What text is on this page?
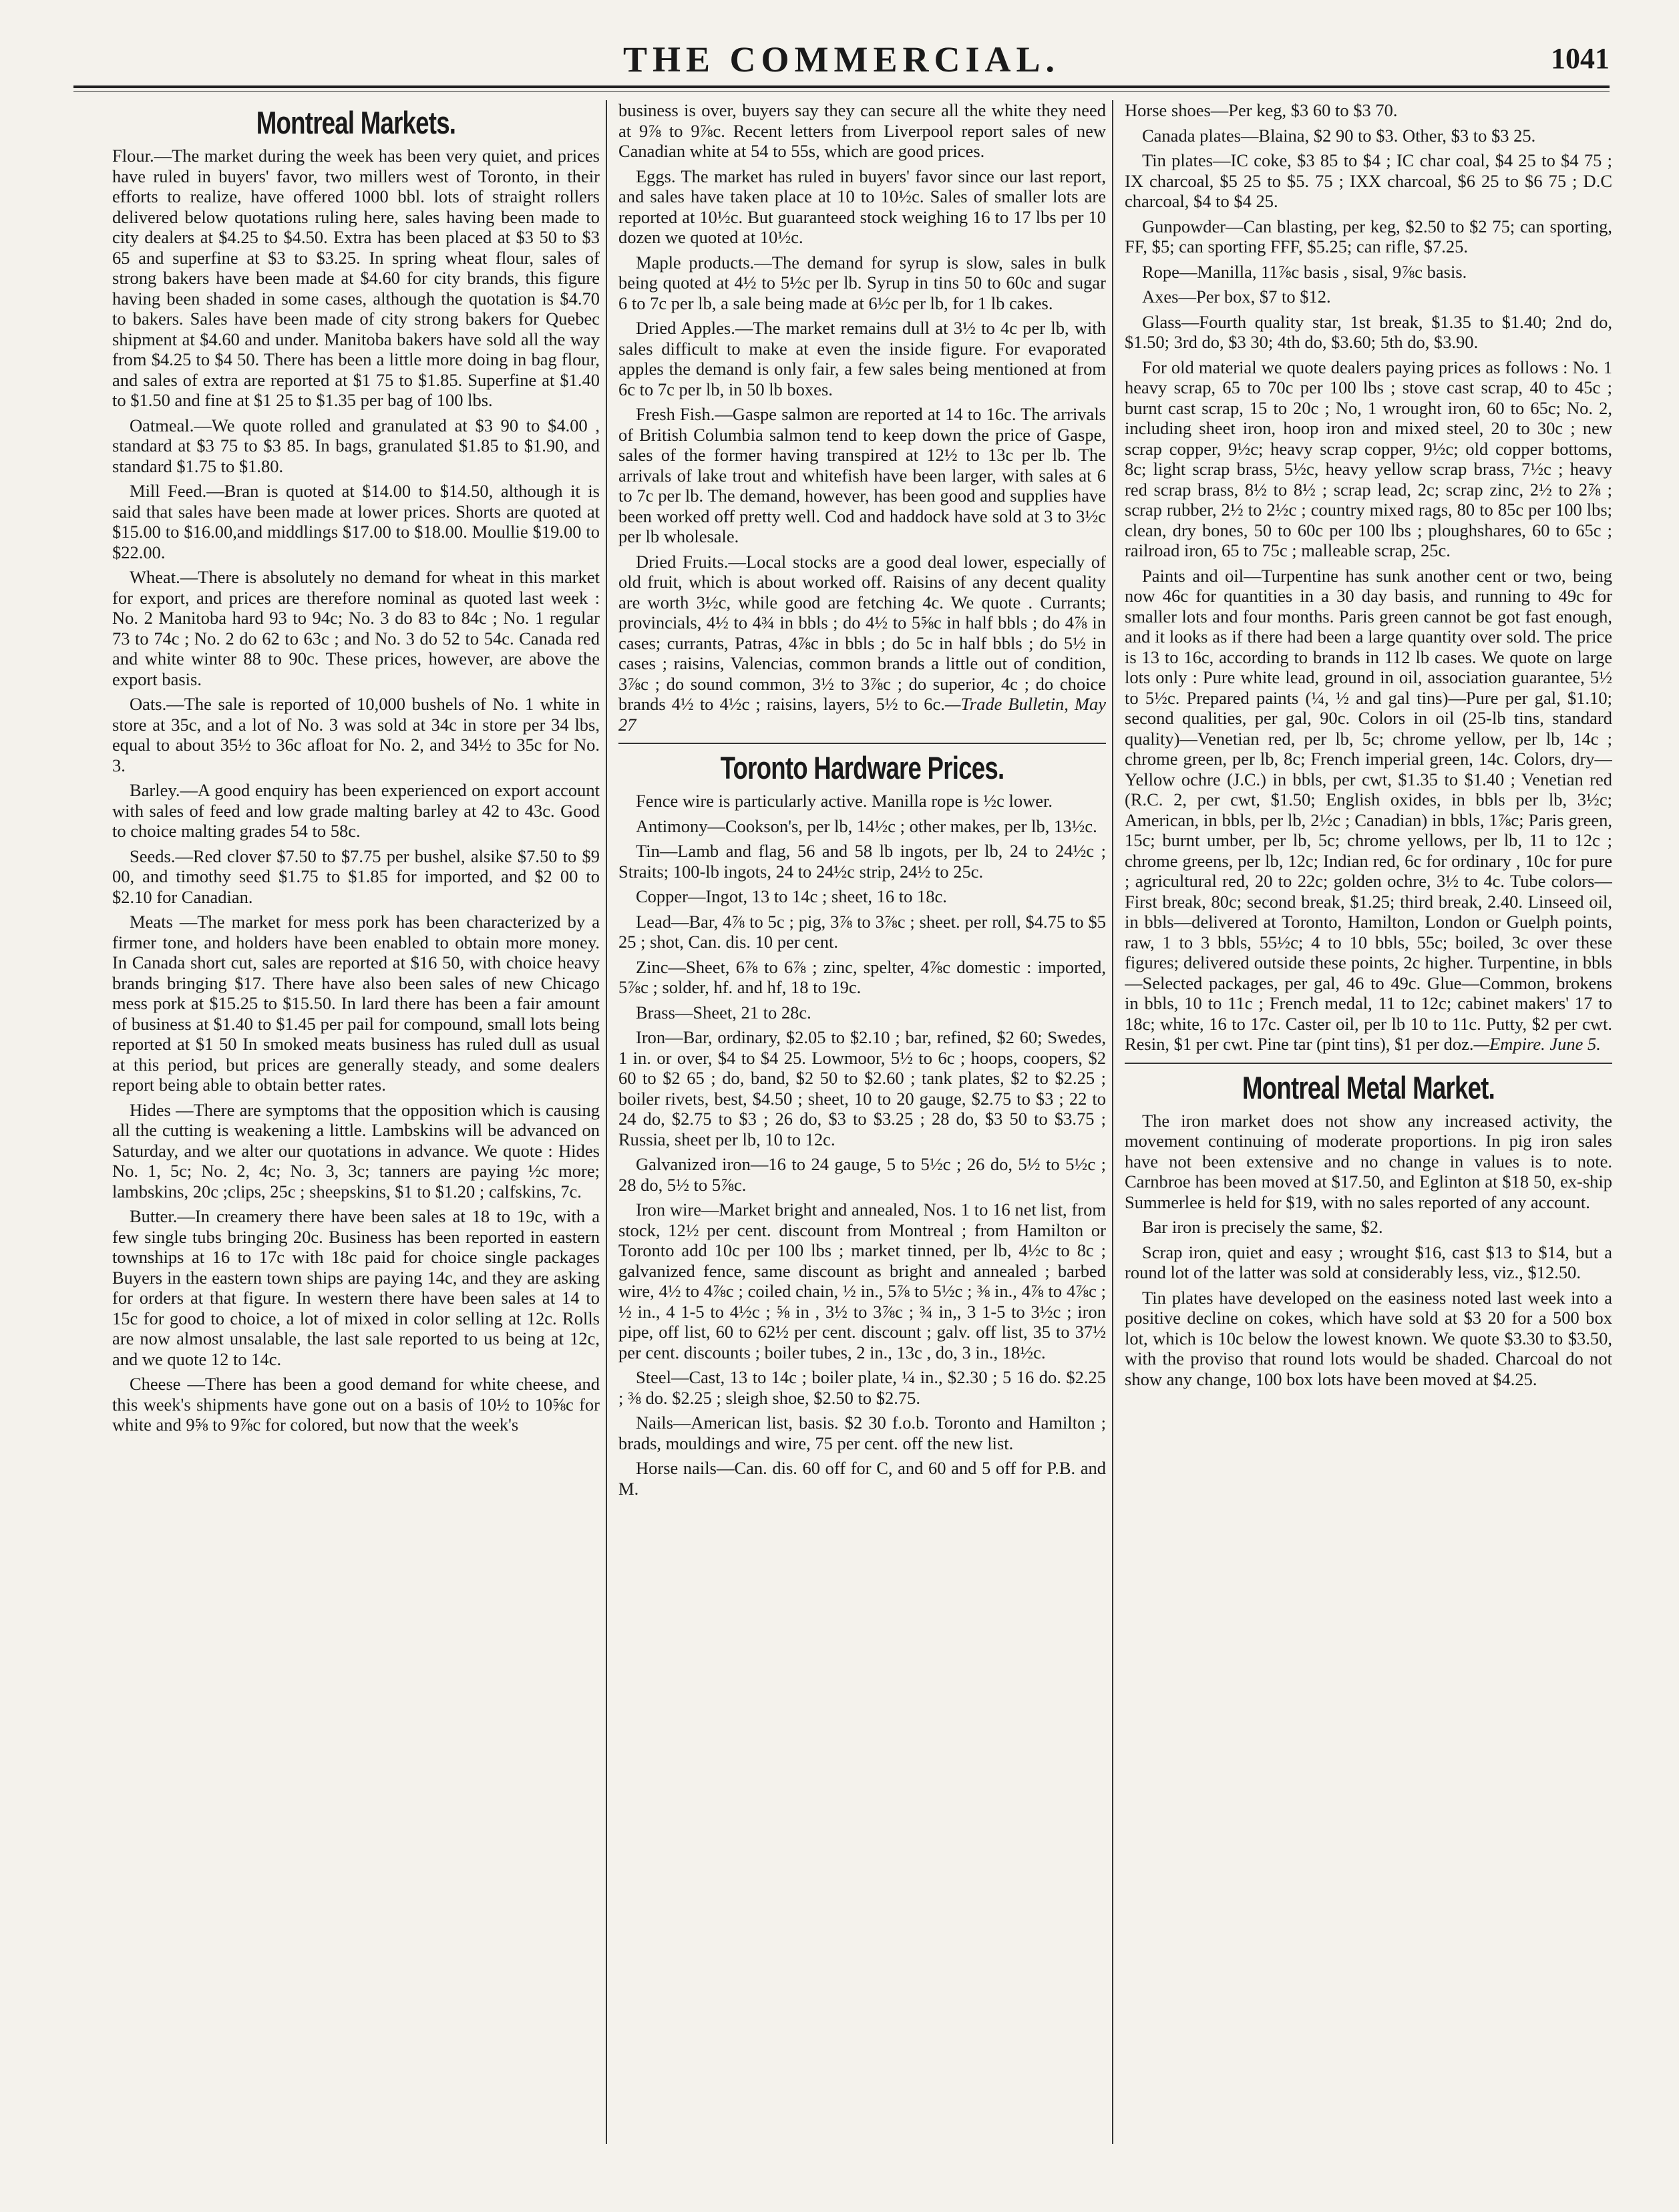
THE COMMERCIAL.	1041
Montreal Markets.

Flour.—The market during the week has been very quiet, and prices have ruled in buyers' favor, two millers west of Toronto, in their efforts to realize, have offered 1000 bbl. lots of straight rollers delivered below quotations ruling here, sales having been made to city dealers at $4.25 to $4.50. Extra has been placed at $3 50 to $3 65 and superfine at $3 to $3.25. In spring wheat flour, sales of strong bakers have been made at $4.60 for city brands, this figure having been shaded in some cases, although the quotation is $4.70 to bakers. Sales have been made of city strong bakers for Quebec shipment at $4.60 and under. Manitoba bakers have sold all the way from $4.25 to $4 50. There has been a little more doing in bag flour, and sales of extra are reported at $1 75 to $1.85. Superfine at $1.40 to $1.50 and fine at $1 25 to $1.35 per bag of 100 lbs.

Oatmeal.—We quote rolled and granulated at $3 90 to $4.00 , standard at $3 75 to $3 85. In bags, granulated $1.85 to $1.90, and standard $1.75 to $1.80.

Mill Feed.—Bran is quoted at $14.00 to $14.50, although it is said that sales have been made at lower prices. Shorts are quoted at $15.00 to $16.00,and middlings $17.00 to $18.00. Moullie $19.00 to $22.00.

Wheat.—There is absolutely no demand for wheat in this market for export, and prices are therefore nominal as quoted last week : No. 2 Manitoba hard 93 to 94c; No. 3 do 83 to 84c ; No. 1 regular 73 to 74c ; No. 2 do 62 to 63c ; and No. 3 do 52 to 54c. Canada red and white winter 88 to 90c. These prices, however, are above the export basis.

Oats.—The sale is reported of 10,000 bushels of No. 1 white in store at 35c, and a lot of No. 3 was sold at 34c in store per 34 lbs, equal to about 35½ to 36c afloat for No. 2, and 34½ to 35c for No. 3.

Barley.—A good enquiry has been experienced on export account with sales of feed and low grade malting barley at 42 to 43c. Good to choice malting grades 54 to 58c.

Seeds.—Red clover $7.50 to $7.75 per bushel, alsike $7.50 to $9 00, and timothy seed $1.75 to $1.85 for imported, and $2 00 to $2.10 for Canadian.

Meats —The market for mess pork has been characterized by a firmer tone, and holders have been enabled to obtain more money. In Canada short cut, sales are reported at $16 50, with choice heavy brands bringing $17. There have also been sales of new Chicago mess pork at $15.25 to $15.50. In lard there has been a fair amount of business at $1.40 to $1.45 per pail for compound, small lots being reported at $1 50 In smoked meats business has ruled dull as usual at this period, but prices are generally steady, and some dealers report being able to obtain better rates.

Hides —There are symptoms that the opposition which is causing all the cutting is weakening a little. Lambskins will be advanced on Saturday, and we alter our quotations in advance. We quote : Hides No. 1, 5c; No. 2, 4c; No. 3, 3c; tanners are paying ½c more; lambskins, 20c ;clips, 25c ; sheepskins, $1 to $1.20 ; calfskins, 7c.

Butter.—In creamery there have been sales at 18 to 19c, with a few single tubs bringing 20c. Business has been reported in eastern townships at 16 to 17c with 18c paid for choice single packages Buyers in the eastern town ships are paying 14c, and they are asking for orders at that figure. In western there have been sales at 14 to 15c for good to choice, a lot of mixed in color selling at 12c. Rolls are now almost unsalable, the last sale reported to us being at 12c, and we quote 12 to 14c.

Cheese —There has been a good demand for white cheese, and this week's shipments have gone out on a basis of 10½ to 10⅝c for white and 9⅝ to 9⅞c for colored, but now that the week's

business is over, buyers say they can secure all the white they need at 9⅞ to 9⅞c. Recent letters from Liverpool report sales of new Canadian white at 54 to 55s, which are good prices.

Eggs. The market has ruled in buyers' favor since our last report, and sales have taken place at 10 to 10½c. Sales of smaller lots are reported at 10½c. But guaranteed stock weighing 16 to 17 lbs per 10 dozen we quoted at 10½c.

Maple products.—The demand for syrup is slow, sales in bulk being quoted at 4½ to 5½c per lb. Syrup in tins 50 to 60c and sugar 6 to 7c per lb, a sale being made at 6½c per lb, for 1 lb cakes.

Dried Apples.—The market remains dull at 3½ to 4c per lb, with sales difficult to make at even the inside figure. For evaporated apples the demand is only fair, a few sales being mentioned at from 6c to 7c per lb, in 50 lb boxes.

Fresh Fish.—Gaspe salmon are reported at 14 to 16c. The arrivals of British Columbia salmon tend to keep down the price of Gaspe, sales of the former having transpired at 12½ to 13c per lb. The arrivals of lake trout and whitefish have been larger, with sales at 6 to 7c per lb. The demand, however, has been good and supplies have been worked off pretty well. Cod and haddock have sold at 3 to 3½c per lb wholesale.

Dried Fruits.—Local stocks are a good deal lower, especially of old fruit, which is about worked off. Raisins of any decent quality are worth 3½c, while good are fetching 4c. We quote . Currants; provincials, 4½ to 4¾ in bbls ; do 4½ to 5⅝c in half bbls ; do 4⅞ in cases; currants, Patras, 4⅞c in bbls ; do 5c in half bbls ; do 5½ in cases ; raisins, Valencias, common brands a little out of condition, 3⅞c ; do sound common, 3½ to 3⅞c ; do superior, 4c ; do choice brands 4½ to 4½c ; raisins, layers, 5½ to 6c.—Trade Bulletin, May 27

Toronto Hardware Prices.

Fence wire is particularly active. Manilla rope is ½c lower.

Antimony—Cookson's, per lb, 14½c ; other makes, per lb, 13½c.

Tin—Lamb and flag, 56 and 58 lb ingots, per lb, 24 to 24½c ; Straits; 100-lb ingots, 24 to 24½c strip, 24½ to 25c.

Copper—Ingot, 13 to 14c ; sheet, 16 to 18c.

Lead—Bar, 4⅞ to 5c ; pig, 3⅞ to 3⅞c ; sheet. per roll, $4.75 to $5 25 ; shot, Can. dis. 10 per cent.

Zinc—Sheet, 6⅞ to 6⅞ ; zinc, spelter, 4⅞c domestic : imported, 5⅞c ; solder, hf. and hf, 18 to 19c.

Brass—Sheet, 21 to 28c.

Iron—Bar, ordinary, $2.05 to $2.10 ; bar, refined, $2 60; Swedes, 1 in. or over, $4 to $4 25. Lowmoor, 5½ to 6c ; hoops, coopers, $2 60 to $2 65 ; do, band, $2 50 to $2.60 ; tank plates, $2 to $2.25 ; boiler rivets, best, $4.50 ; sheet, 10 to 20 gauge, $2.75 to $3 ; 22 to 24 do, $2.75 to $3 ; 26 do, $3 to $3.25 ; 28 do, $3 50 to $3.75 ; Russia, sheet per lb, 10 to 12c.

Galvanized iron—16 to 24 gauge, 5 to 5½c ; 26 do, 5½ to 5½c ; 28 do, 5½ to 5⅞c.

Iron wire—Market bright and annealed, Nos. 1 to 16 net list, from stock, 12½ per cent. discount from Montreal ; from Hamilton or Toronto add 10c per 100 lbs ; market tinned, per lb, 4½c to 8c ; galvanized fence, same discount as bright and annealed ; barbed wire, 4½ to 4⅞c ; coiled chain, ½ in., 5⅞ to 5½c ; ⅜ in., 4⅞ to 4⅞c ; ½ in., 4 1-5 to 4½c ; ⅝ in , 3½ to 3⅞c ; ¾ in,, 3 1-5 to 3½c ; iron pipe, off list, 60 to 62½ per cent. discount ; galv. off list, 35 to 37½ per cent. discounts ; boiler tubes, 2 in., 13c , do, 3 in., 18½c.

Steel—Cast, 13 to 14c ; boiler plate, ¼ in., $2.30 ; 5 16 do. $2.25 ; ⅜ do. $2.25 ; sleigh shoe, $2.50 to $2.75.

Nails—American list, basis. $2 30 f.o.b. Toronto and Hamilton ; brads, mouldings and wire, 75 per cent. off the new list.

Horse nails—Can. dis. 60 off for C, and 60 and 5 off for P.B. and M.

Horse shoes—Per keg, $3 60 to $3 70.

Canada plates—Blaina, $2 90 to $3. Other, $3 to $3 25.

Tin plates—IC coke, $3 85 to $4 ; IC char coal, $4 25 to $4 75 ; IX charcoal, $5 25 to $5. 75 ; IXX charcoal, $6 25 to $6 75 ; D.C charcoal, $4 to $4 25.

Gunpowder—Can blasting, per keg, $2.50 to $2 75; can sporting, FF, $5; can sporting FFF, $5.25; can rifle, $7.25.

Rope—Manilla, 11⅞c basis , sisal, 9⅞c basis.

Axes—Per box, $7 to $12.

Glass—Fourth quality star, 1st break, $1.35 to $1.40; 2nd do, $1.50; 3rd do, $3 30; 4th do, $3.60; 5th do, $3.90.

For old material we quote dealers paying prices as follows : No. 1 heavy scrap, 65 to 70c per 100 lbs ; stove cast scrap, 40 to 45c ; burnt cast scrap, 15 to 20c ; No, 1 wrought iron, 60 to 65c; No. 2, including sheet iron, hoop iron and mixed steel, 20 to 30c ; new scrap copper, 9½c; heavy scrap copper, 9½c; old copper bottoms, 8c; light scrap brass, 5½c, heavy yellow scrap brass, 7½c ; heavy red scrap brass, 8½ to 8½ ; scrap lead, 2c; scrap zinc, 2½ to 2⅞ ; scrap rubber, 2½ to 2½c ; country mixed rags, 80 to 85c per 100 lbs; clean, dry bones, 50 to 60c per 100 lbs ; ploughshares, 60 to 65c ; railroad iron, 65 to 75c ; malleable scrap, 25c.

Paints and oil—Turpentine has sunk another cent or two, being now 46c for quantities in a 30 day basis, and running to 49c for smaller lots and four months. Paris green cannot be got fast enough, and it looks as if there had been a large quantity over sold. The price is 13 to 16c, according to brands in 112 lb cases. We quote on large lots only : Pure white lead, ground in oil, association guarantee, 5½ to 5½c. Prepared paints (¼, ½ and gal tins)—Pure per gal, $1.10; second qualities, per gal, 90c. Colors in oil (25-lb tins, standard quality)—Venetian red, per lb, 5c; chrome yellow, per lb, 14c ; chrome green, per lb, 8c; French imperial green, 14c. Colors, dry—Yellow ochre (J.C.) in bbls, per cwt, $1.35 to $1.40 ; Venetian red (R.C. 2, per cwt, $1.50; English oxides, in bbls per lb, 3½c; American, in bbls, per lb, 2½c ; Canadian) in bbls, 1⅞c; Paris green, 15c; burnt umber, per lb, 5c; chrome yellows, per lb, 11 to 12c ; chrome greens, per lb, 12c; Indian red, 6c for ordinary , 10c for pure ; agricultural red, 20 to 22c; golden ochre, 3½ to 4c. Tube colors—First break, 80c; second break, $1.25; third break, 2.40. Linseed oil, in bbls—delivered at Toronto, Hamilton, London or Guelph points, raw, 1 to 3 bbls, 55½c; 4 to 10 bbls, 55c; boiled, 3c over these figures; delivered outside these points, 2c higher. Turpentine, in bbls—Selected packages, per gal, 46 to 49c. Glue—Common, brokens in bbls, 10 to 11c ; French medal, 11 to 12c; cabinet makers' 17 to 18c; white, 16 to 17c. Caster oil, per lb 10 to 11c. Putty, $2 per cwt. Resin, $1 per cwt. Pine tar (pint tins), $1 per doz.—Empire. June 5.

Montreal Metal Market.

The iron market does not show any increased activity, the movement continuing of moderate proportions. In pig iron sales have not been extensive and no change in values is to note. Carnbroe has been moved at $17.50, and Eglinton at $18 50, ex-ship Summerlee is held for $19, with no sales reported of any account.

Bar iron is precisely the same, $2.

Scrap iron, quiet and easy ; wrought $16, cast $13 to $14, but a round lot of the latter was sold at considerably less, viz., $12.50.

Tin plates have developed on the easiness noted last week into a positive decline on cokes, which have sold at $3 20 for a 500 box lot, which is 10c below the lowest known. We quote $3.30 to $3.50, with the proviso that round lots would be shaded. Charcoal do not show any change, 100 box lots have been moved at $4.25.
